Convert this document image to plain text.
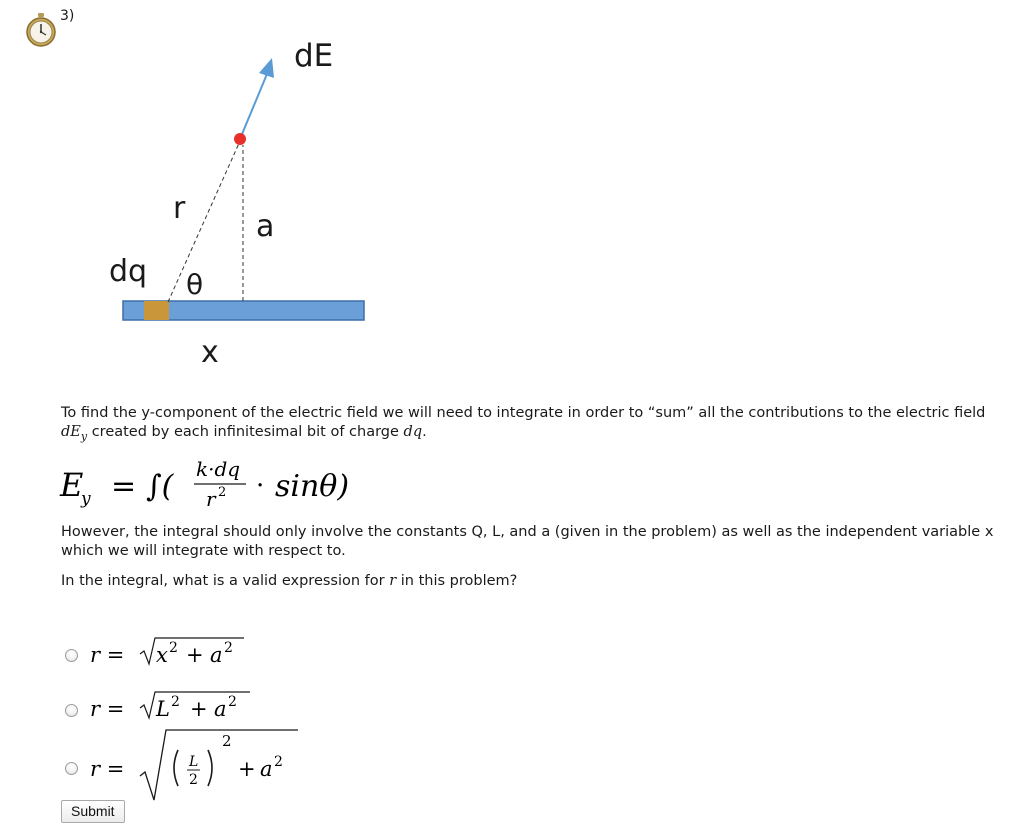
3)
dE
r
a
dq θ
x
To find the y-component of the electric field we will need to integrate in order to “sum” all the contributions to the electric field $dE_y$ created by each infinitesimal bit of charge dq.
E
y = ∫( k·dq
r 2 · sinθ)
However, the integral should only involve the constants Q, L, and a (given in the problem) as well as the independent variable x which we will integrate with respect to.
In the integral, what is a valid expression for r in this problem?
r = x 2 + a 2
r = L 2 + a 2
r =	L
2
2
+ a 2
Submit
